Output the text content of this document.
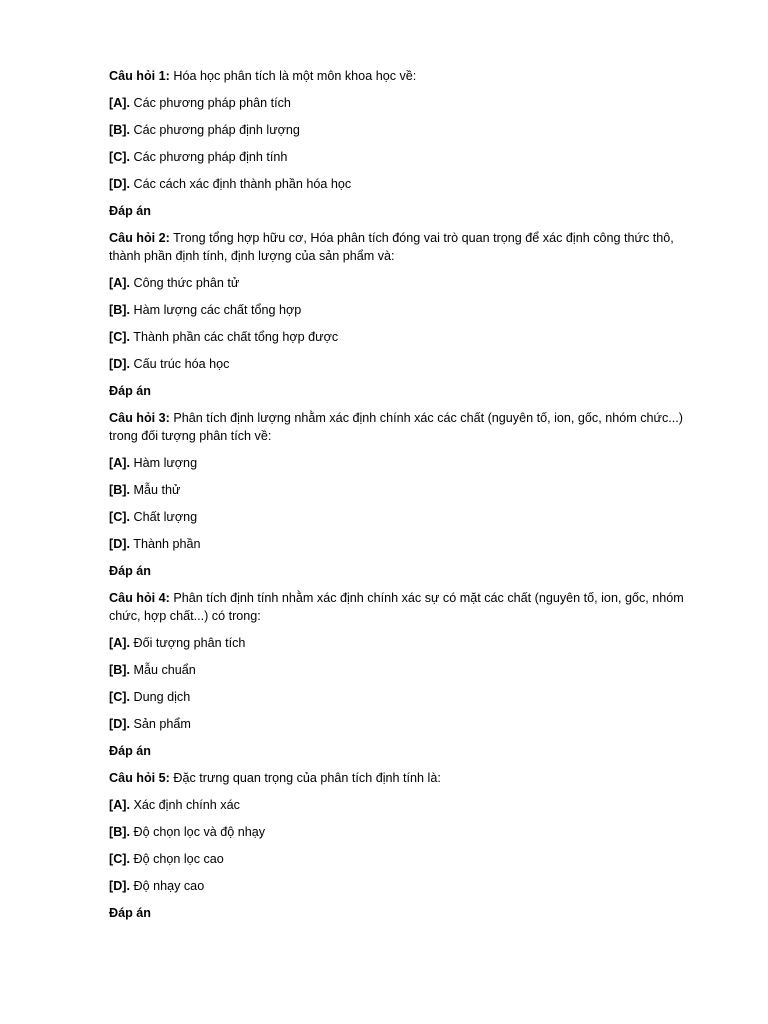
Câu hỏi 1: Hóa học phân tích là một môn khoa học về:

[A]. Các phương pháp phân tích

[B]. Các phương pháp định lượng

[C]. Các phương pháp định tính

[D]. Các cách xác định thành phần hóa học

Đáp án

Câu hỏi 2: Trong tổng hợp hữu cơ, Hóa phân tích đóng vai trò quan trọng để xác định công thức thô, thành phần định tính, định lượng của sản phẩm và:

[A]. Công thức phân tử

[B]. Hàm lượng các chất tổng hợp

[C]. Thành phần các chất tổng hợp được

[D]. Cấu trúc hóa học

Đáp án

Câu hỏi 3: Phân tích định lượng nhằm xác định chính xác các chất (nguyên tố, ion, gốc, nhóm chức...) trong đối tượng phân tích về:

[A]. Hàm lượng

[B]. Mẫu thử

[C]. Chất lượng

[D]. Thành phần

Đáp án

Câu hỏi 4: Phân tích định tính nhằm xác định chính xác sự có mặt các chất (nguyên tố, ion, gốc, nhóm chức, hợp chất...) có trong:

[A]. Đối tượng phân tích

[B]. Mẫu chuẩn

[C]. Dung dịch

[D]. Sản phẩm

Đáp án

Câu hỏi 5: Đặc trưng quan trọng của phân tích định tính là:

[A]. Xác định chính xác

[B]. Độ chọn lọc và độ nhạy

[C]. Độ chọn lọc cao

[D]. Độ nhạy cao

Đáp án
